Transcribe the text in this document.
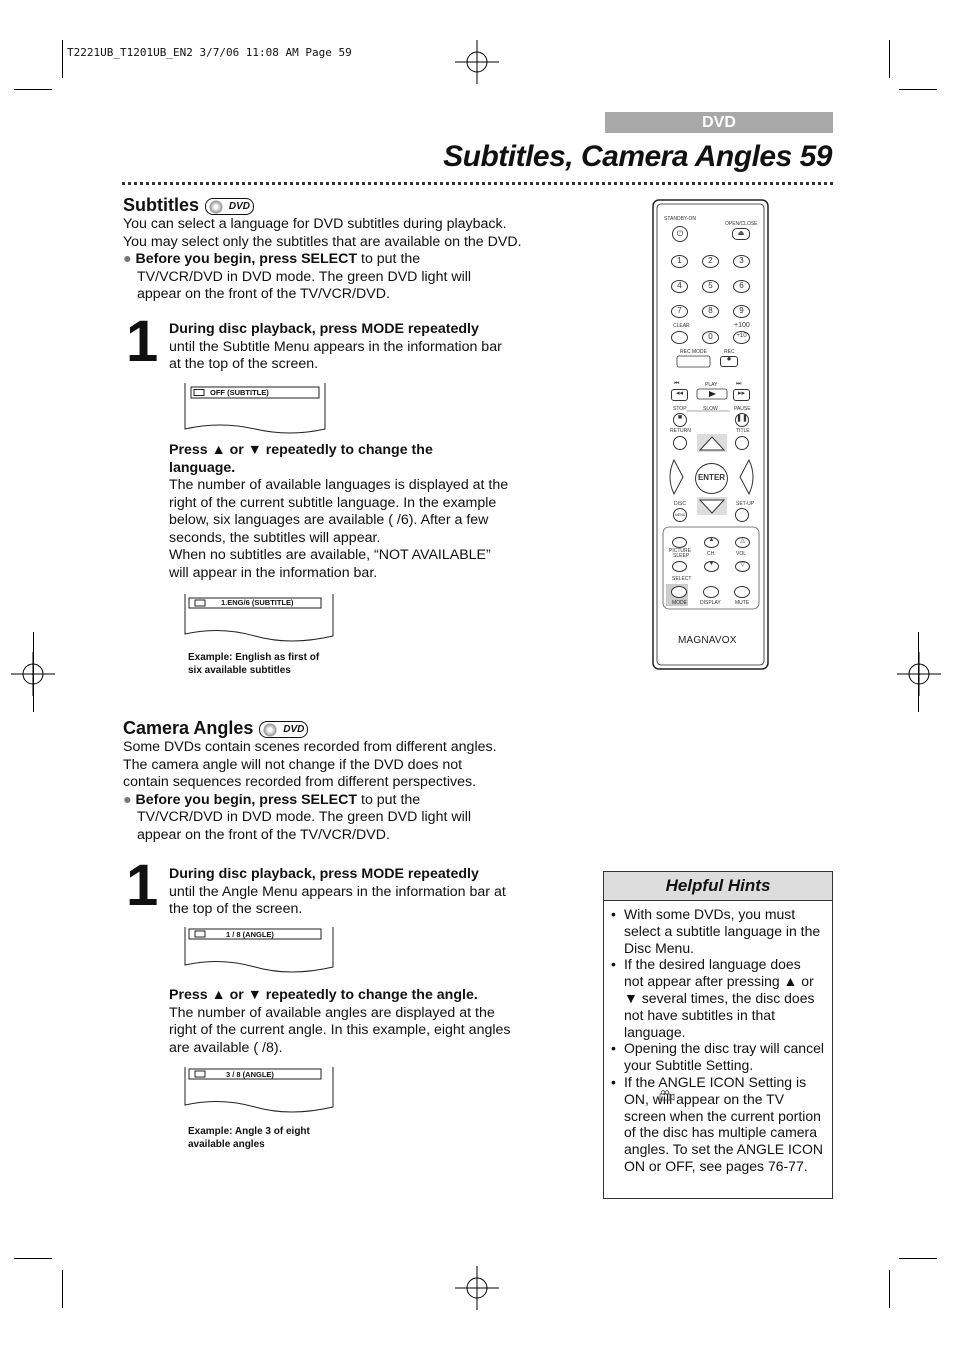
T2221UB_T1201UB_EN2 3/7/06 11:08 AM Page 59
DVD
Subtitles, Camera Angles 59
Subtitles	DVD
You can select a language for DVD subtitles during playback.
You may select only the subtitles that are available on the DVD.
● Before you begin, press SELECT to put the
TV/VCR/DVD in DVD mode. The green DVD light will
appear on the front of the TV/VCR/DVD.
1 During disc playback, press MODE repeatedly
until the Subtitle Menu appears in the information bar
at the top of the screen.
OFF (SUBTITLE)
Press ▲ or ▼ repeatedly to change the
language.
The number of available languages is displayed at the
right of the current subtitle language. In the example
below, six languages are available ( /6). After a few
seconds, the subtitles will appear.
When no subtitles are available, “NOT AVAILABLE”
will appear in the information bar.
1.ENG/6 (SUBTITLE)
Example: English as first of
six available subtitles
Camera Angles	DVD
Some DVDs contain scenes recorded from different angles.
The camera angle will not change if the DVD does not
contain sequences recorded from different perspectives.
● Before you begin, press SELECT to put the
TV/VCR/DVD in DVD mode. The green DVD light will
appear on the front of the TV/VCR/DVD.
1 During disc playback, press MODE repeatedly
until the Angle Menu appears in the information bar at
the top of the screen.
1 / 8 (ANGLE)
Press ▲ or ▼ repeatedly to change the angle.
The number of available angles are displayed at the
right of the current angle. In this example, eight angles
are available ( /8).
3 / 8 (ANGLE)
Example: Angle 3 of eight
available angles
Helpful Hints
• With some DVDs, you must select a subtitle language in the Disc Menu.
• If the desired language does not appear after pressing ▲ or ▼ several times, the disc does not have subtitles in that language.
• Opening the disc tray will cancel your Subtitle Setting.
• If the ANGLE ICON Setting is ON, will appear on the TV screen when the current portion of the disc has multiple camera angles. To set the ANGLE ICON ON or OFF, see pages 76-77.
STANDBY-ON
OPEN/CLOSE
⏻	⏏
1	2	3
4	5	6
7	8	9
CLEAR	+100
0	+10
REC MODE	REC
●
PLAY
◂◂	▸▸
⏮	⏭
STOP	SLOW	PAUSE
■	❚❚
RETURN	TITLE
ENTER
DISC	SET-UP
MENU
PICTURE
SLEEP
▲
CH.
▼
△
VOL
▽
SELECT
MODE	DISPLAY	MUTE
MAGNAVOX
